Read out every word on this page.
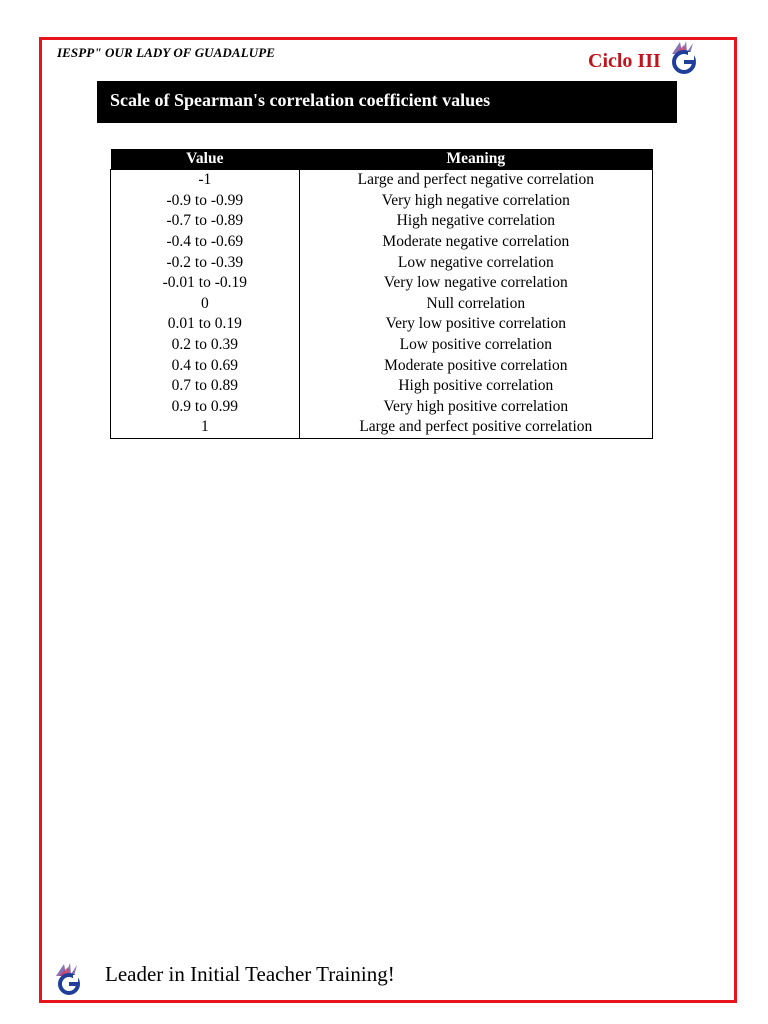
IESPP" OUR LADY OF GUADALUPE	Ciclo III
Scale of Spearman's correlation coefficient values
Value	Meaning
-1	Large and perfect negative correlation
-0.9 to -0.99	Very high negative correlation
-0.7 to -0.89	High negative correlation
-0.4 to -0.69	Moderate negative correlation
-0.2 to -0.39	Low negative correlation
-0.01 to -0.19	Very low negative correlation
0	Null correlation
0.01 to 0.19	Very low positive correlation
0.2 to 0.39	Low positive correlation
0.4 to 0.69	Moderate positive correlation
0.7 to 0.89	High positive correlation
0.9 to 0.99	Very high positive correlation
1	Large and perfect positive correlation
Leader in Initial Teacher Training!
